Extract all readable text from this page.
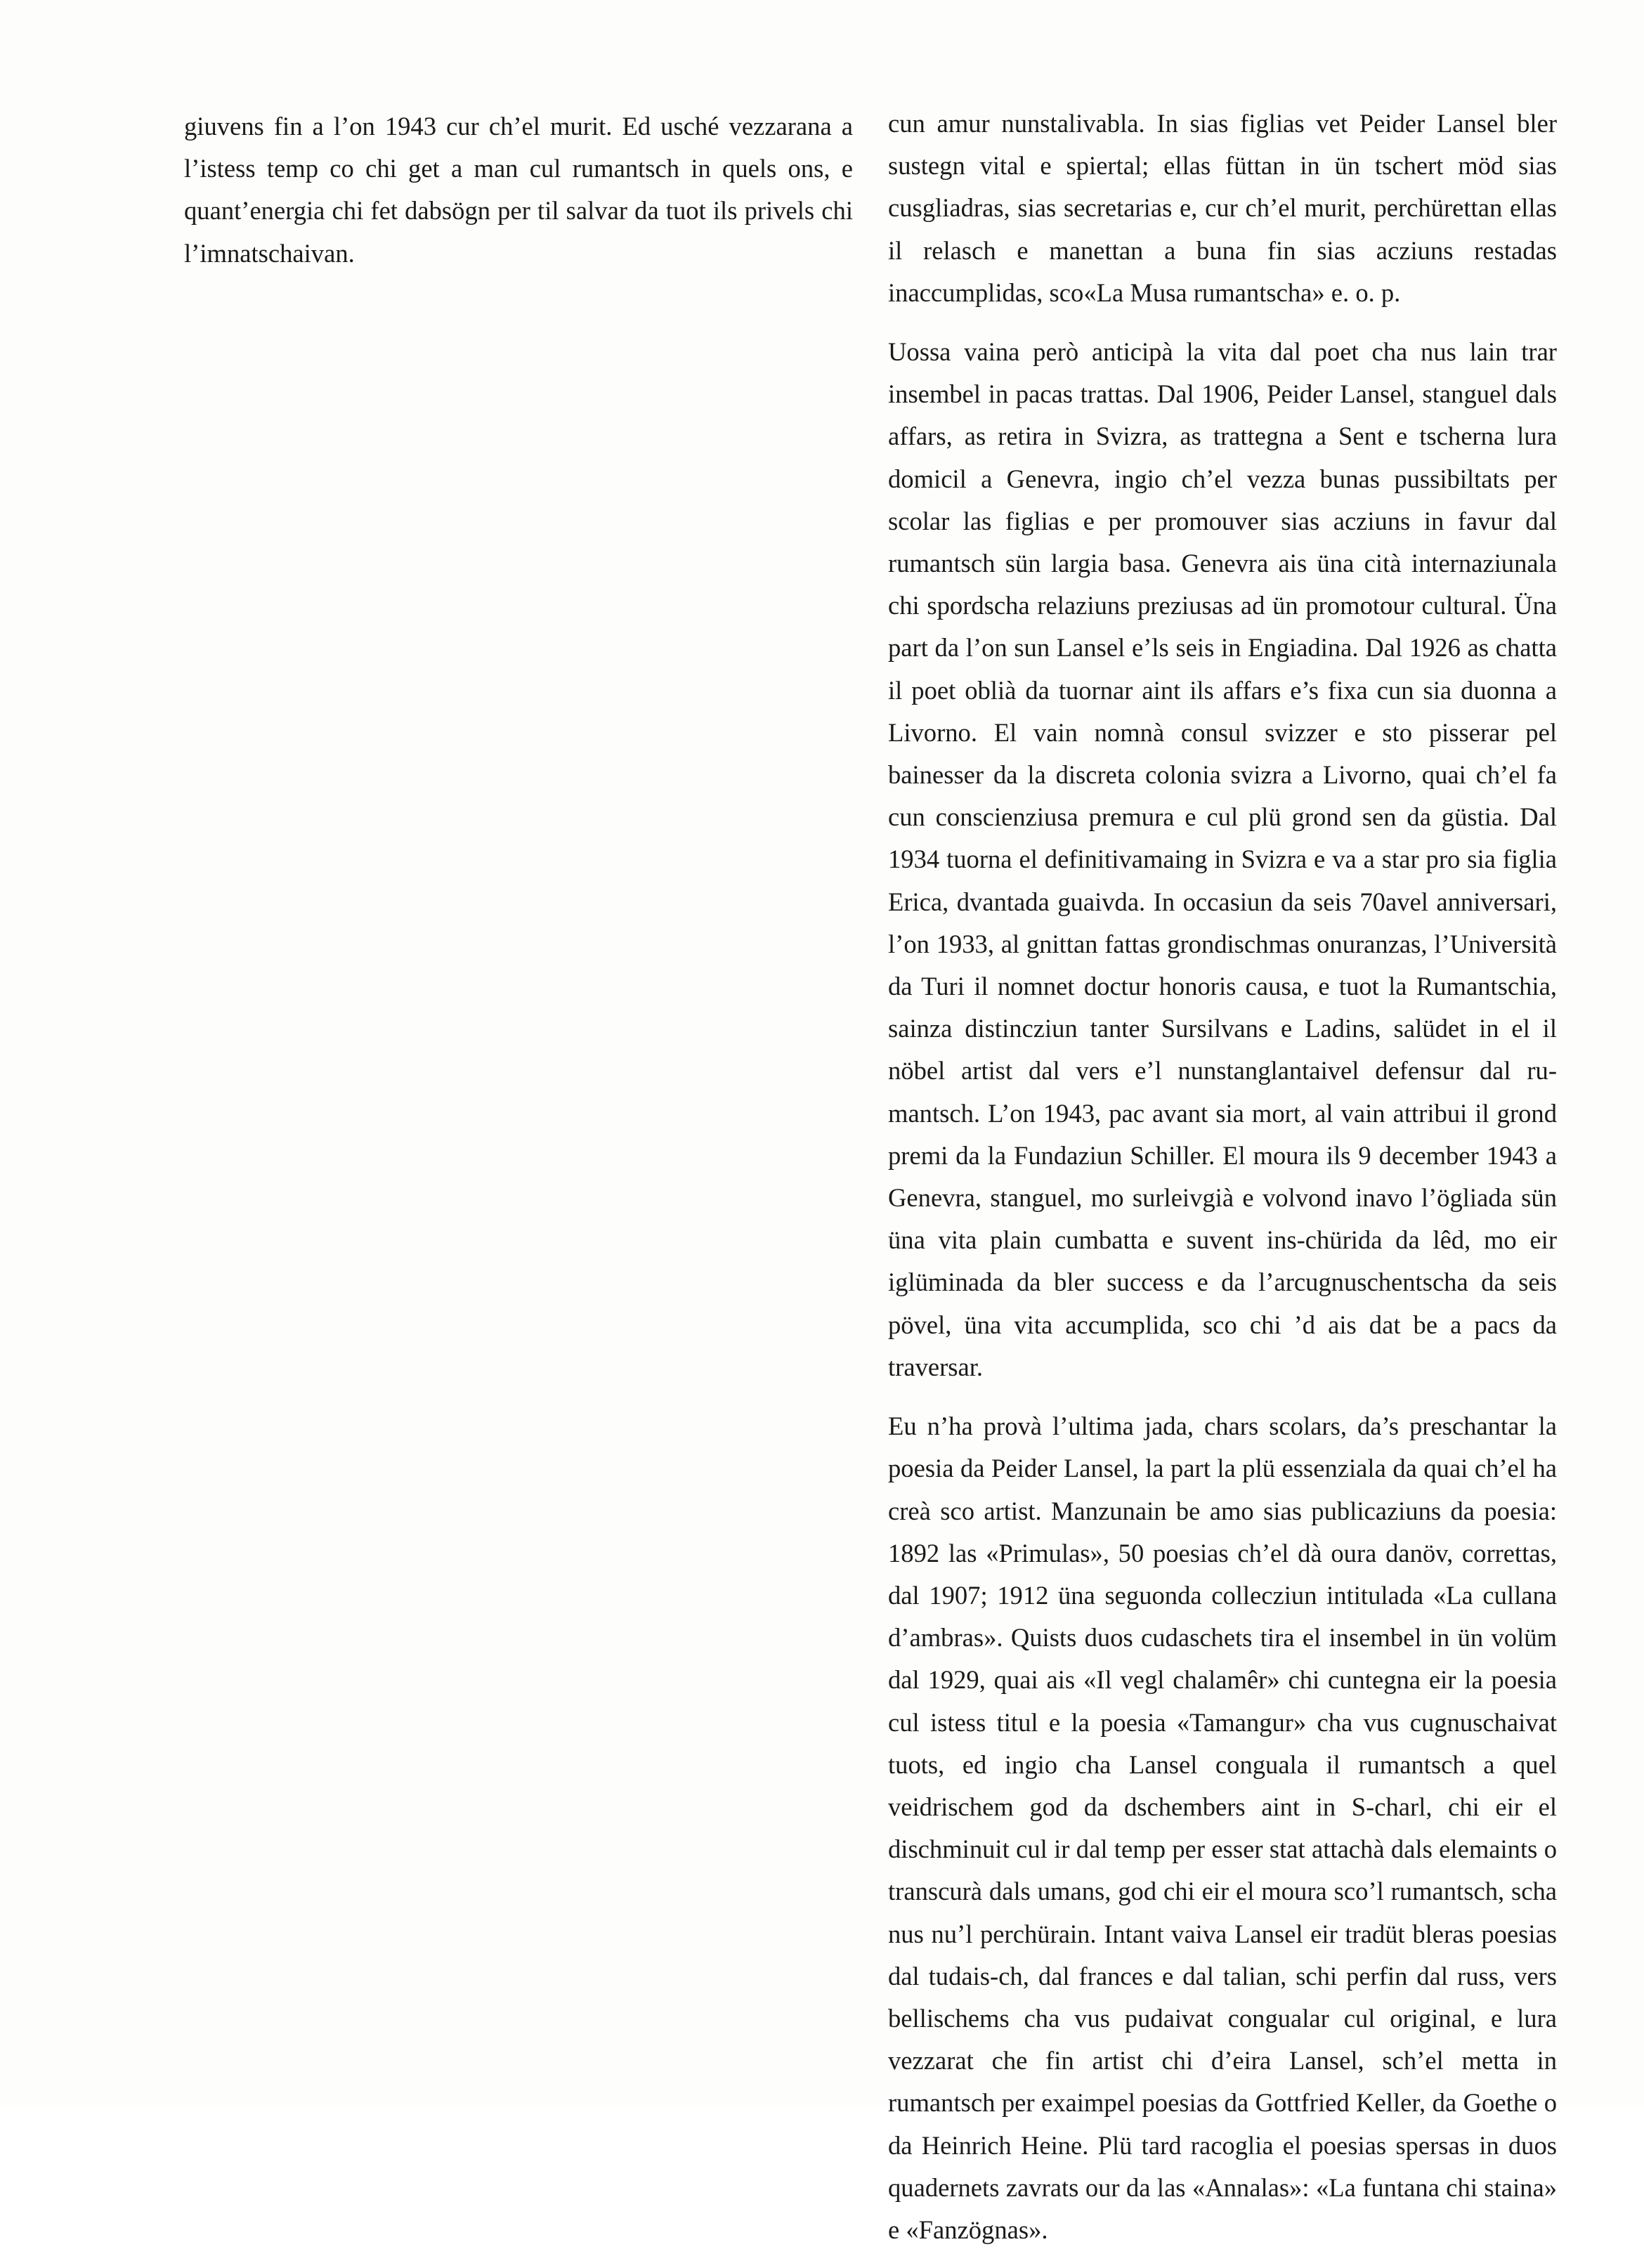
giuvens fin a l’on 1943 cur ch’el murit. Ed usché vezzarana a l’istess temp co chi get a man cul rumantsch in quels ons, e quant’energia chi fet dabsögn per til salvar da tuot ils privels chi l’imnatschaivan.

cun amur nunstalivabla. In sias figlias vet Peider Lansel bler sustegn vital e spiertal; ellas füttan in ün tschert möd sias cusgliadras, sias secretarias e, cur ch’el murit, perchürettan ellas il relasch e manettan a buna fin sias acziuns restadas inaccumplidas, sco«La Musa rumantscha» e. o. p.

Uossa vaina però anticipà la vita dal poet cha nus lain trar insembel in pacas trattas. Dal 1906, Peider Lansel, stanguel dals affars, as retira in Svizra, as trattegna a Sent e tscherna lura domicil a Genevra, ingio ch’el vezza bunas pussibiltats per scolar las figlias e per promouver sias acziuns in favur dal rumantsch sün largia basa. Genevra ais üna cità internaziunala chi spordscha relaziuns preziusas ad ün promotour cultural. Üna part da l’on sun Lansel e’ls seis in Engiadina. Dal 1926 as chatta il poet oblià da tuornar aint ils affars e’s fixa cun sia duonna a Livorno. El vain nomnà consul svizzer e sto pisserar pel bainesser da la discreta colonia svizra a Livorno, quai ch’el fa cun conscienziusa premura e cul plü grond sen da güstia. Dal 1934 tuorna el definitivamaing in Svizra e va a star pro sia figlia Erica, dvantada guaivda. In occasiun da seis 70avel anniversari, l’on 1933, al gnittan fattas grondischmas onuranzas, l’Università da Turi il nomnet doctur honoris causa, e tuot la Rumantschia, sainza distincziun tanter Sursilvans e Ladins, salüdet in el il nöbel artist dal vers e’l nunstanglantaivel defensur dal rumantsch. L’on 1943, pac avant sia mort, al vain attribui il grond premi da la Fundaziun Schiller. El moura ils 9 december 1943 a Genevra, stanguel, mo surleivgià e volvond inavo l’ögliada sün üna vita plain cumbatta e suvent ins-chürida da lêd, mo eir iglüminada da bler success e da l’arcugnuschentscha da seis pövel, üna vita accumplida, sco chi ’d ais dat be a pacs da traversar.

Eu n’ha provà l’ultima jada, chars scolars, da’s preschantar la poesia da Peider Lansel, la part la plü essenziala da quai ch’el ha creà sco artist. Manzunain be amo sias publicaziuns da poesia: 1892 las «Primulas», 50 poesias ch’el dà oura danöv, correttas, dal 1907; 1912 üna seguonda collecziun intitulada «La cullana d’ambras». Quists duos cudaschets tira el insembel in ün volüm dal 1929, quai ais «Il vegl chalamêr» chi cuntegna eir la poesia cul istess titul e la poesia «Tamangur» cha vus cugnuschaivat tuots, ed ingio cha Lansel conguala il rumantsch a quel veidrischem god da dschembers aint in S-charl, chi eir el dischminuit cul ir dal temp per esser stat attachà dals elemaints o transcurà dals umans, god chi eir el moura sco’l rumantsch, scha nus nu’l perchürain. Intant vaiva Lansel eir tradüt bleras poesias dal tudais-ch, dal frances e dal talian, schi perfin dal russ, vers bellischems cha vus pudaivat congualar cul original, e lura vezzarat che fin artist chi d’eira Lansel, sch’el metta in rumantsch per exaimpel poesias da Gottfried Keller, da Goethe o da Heinrich Heine. Plü tard racoglia el poesias spersas in duos quadernets zavrats our da las «Annalas»: «La funtana chi staina» e «Fanzögnas».
